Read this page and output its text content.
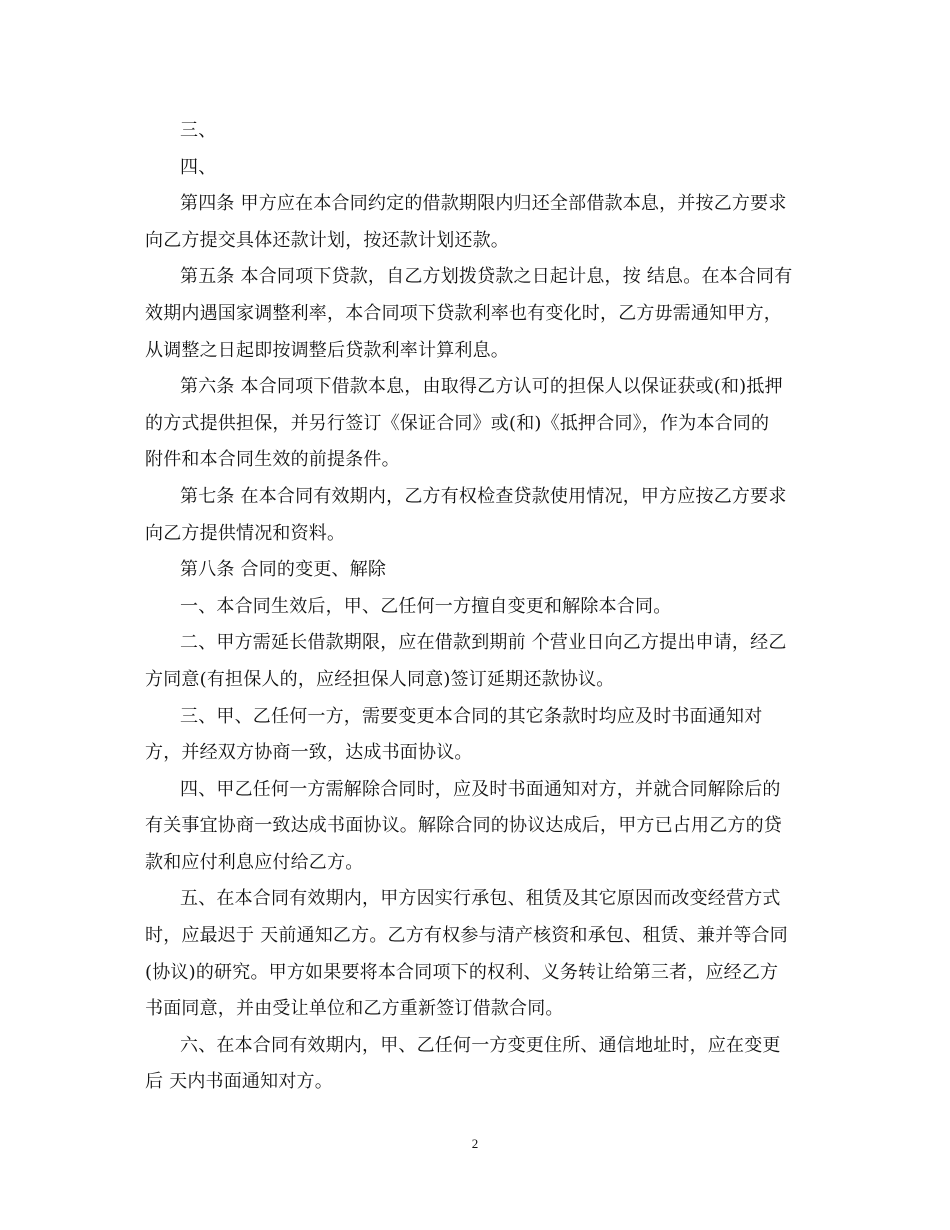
三、
四、
第四条 甲方应在本合同约定的借款期限内归还全部借款本息，并按乙方要求
向乙方提交具体还款计划，按还款计划还款。
第五条 本合同项下贷款，自乙方划拨贷款之日起计息，按 结息。在本合同有
效期内遇国家调整利率，本合同项下贷款利率也有变化时，乙方毋需通知甲方，
从调整之日起即按调整后贷款利率计算利息。
第六条 本合同项下借款本息，由取得乙方认可的担保人以保证获或(和)抵押
的方式提供担保，并另行签订《保证合同》或(和)《抵押合同》，作为本合同的
附件和本合同生效的前提条件。
第七条 在本合同有效期内，乙方有权检查贷款使用情况，甲方应按乙方要求
向乙方提供情况和资料。
第八条 合同的变更、解除
一、本合同生效后，甲、乙任何一方擅自变更和解除本合同。
二、甲方需延长借款期限，应在借款到期前 个营业日向乙方提出申请，经乙
方同意(有担保人的，应经担保人同意)签订延期还款协议。
三、甲、乙任何一方，需要变更本合同的其它条款时均应及时书面通知对
方，并经双方协商一致，达成书面协议。
四、甲乙任何一方需解除合同时，应及时书面通知对方，并就合同解除后的
有关事宜协商一致达成书面协议。解除合同的协议达成后，甲方已占用乙方的贷
款和应付利息应付给乙方。
五、在本合同有效期内，甲方因实行承包、租赁及其它原因而改变经营方式
时，应最迟于 天前通知乙方。乙方有权参与清产核资和承包、租赁、兼并等合同
(协议)的研究。甲方如果要将本合同项下的权利、义务转让给第三者，应经乙方
书面同意，并由受让单位和乙方重新签订借款合同。
六、在本合同有效期内，甲、乙任何一方变更住所、通信地址时，应在变更
后 天内书面通知对方。
2
